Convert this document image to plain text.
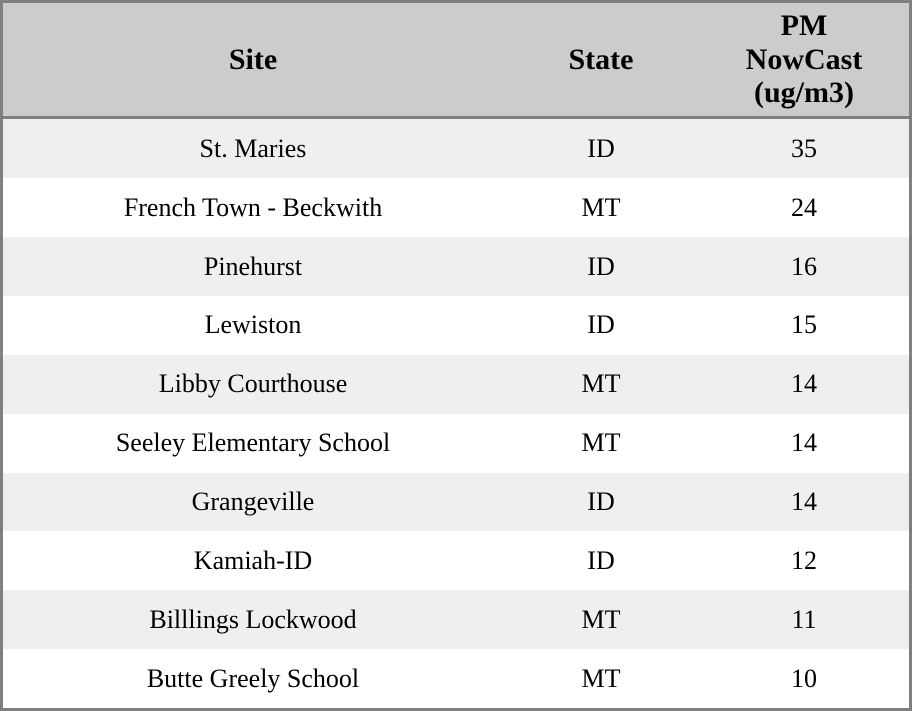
Site	State	PM
NowCast
(ug/m3)

St. Maries	ID	35
French Town - Beckwith	MT	24
Pinehurst	ID	16
Lewiston	ID	15
Libby Courthouse	MT	14
Seeley Elementary School	MT	14
Grangeville	ID	14
Kamiah-ID	ID	12
Billlings Lockwood	MT	11
Butte Greely School	MT	10
